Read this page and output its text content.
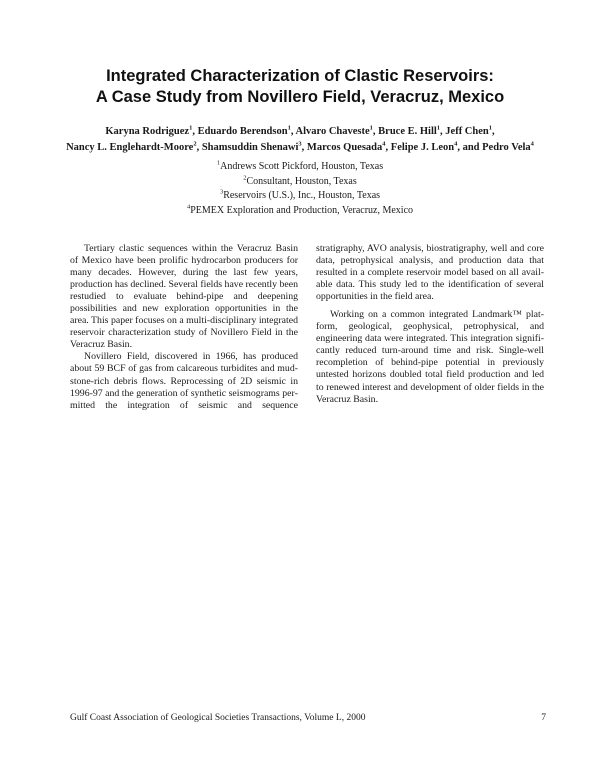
Integrated Characterization of Clastic Reservoirs:
A Case Study from Novillero Field, Veracruz, Mexico
Karyna Rodriguez$^1$, Eduardo Berendson$^1$, Alvaro Chaveste$^1$, Bruce E. Hill$^1$, Jeff Chen$^1$,
Nancy L. Englehardt-Moore$^2$, Shamsuddin Shenawi$^3$, Marcos Quesada$^4$, Felipe J. Leon$^4$, and Pedro Vela$^4$
$^1$Andrews Scott Pickford, Houston, Texas
$^2$Consultant, Houston, Texas
$^3$Reservoirs (U.S.), Inc., Houston, Texas
$^4$PEMEX Exploration and Production, Veracruz, Mexico

Tertiary clastic sequences within the Veracruz Basin of Mexico have been prolific hydrocarbon producers for many decades. However, during the last few years, production has declined. Several fields have recently been restudied to evaluate behind-pipe and deepening possibilities and new exploration opportunities in the area. This paper focuses on a multi-disciplinary integrated reservoir characterization study of Novillero Field in the Veracruz Basin.

Novillero Field, discovered in 1966, has produced about 59 BCF of gas from calcareous turbidites and mudstone-rich debris flows. Reprocessing of 2D seismic in 1996-97 and the generation of synthetic seismograms permitted the integration of seismic and sequence

stratigraphy, AVO analysis, biostratigraphy, well and core data, petrophysical analysis, and production data that resulted in a complete reservoir model based on all available data. This study led to the identification of several opportunities in the field area.

Working on a common integrated Landmark™ platform, geological, geophysical, petrophysical, and engineering data were integrated. This integration significantly reduced turn-around time and risk. Single-well recompletion of behind-pipe potential in previously untested horizons doubled total field production and led to renewed interest and development of older fields in the Veracruz Basin.

Gulf Coast Association of Geological Societies Transactions, Volume L, 2000	7
